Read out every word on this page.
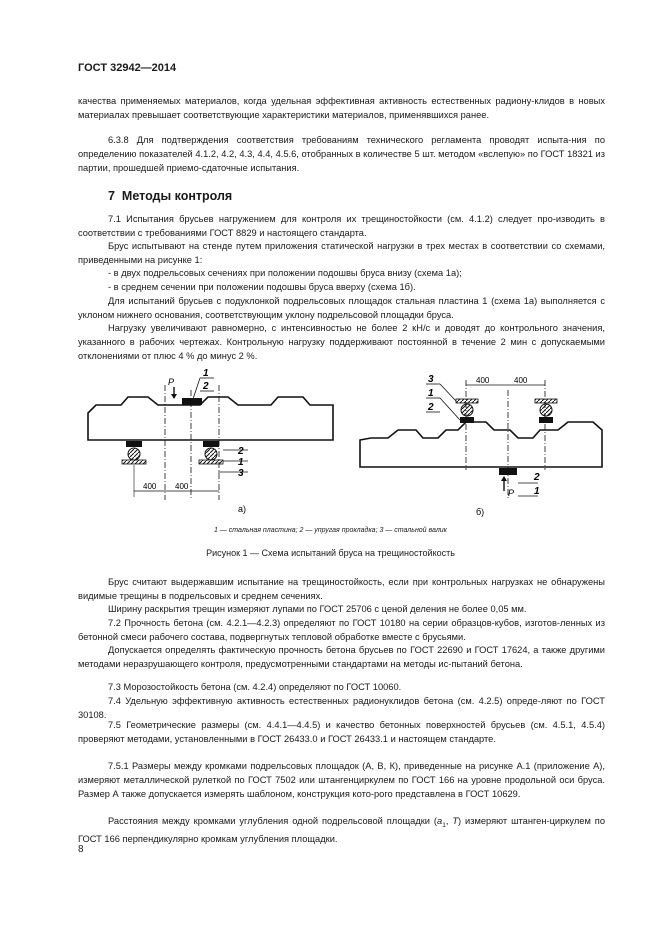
ГОСТ 32942—2014

качества применяемых материалов, когда удельная эффективная активность естественных радиону-клидов в новых материалах превышает соответствующие характеристики материалов, применявшихся ранее.

6.3.8 Для подтверждения соответствия требованиям технического регламента проводят испыта-ния по определению показателей 4.1.2, 4.2, 4.3, 4.4, 4.5.6, отобранных в количестве 5 шт. методом «вслепую» по ГОСТ 18321 из партии, прошедшей приемо-сдаточные испытания.

7 Методы контроля

7.1 Испытания брусьев нагружением для контроля их трещиностойкости (см. 4.1.2) следует про-изводить в соответствии с требованиями ГОСТ 8829 и настоящего стандарта.

Брус испытывают на стенде путем приложения статической нагрузки в трех местах в соответствии со схемами, приведенными на рисунке 1:

- в двух подрельсовых сечениях при положении подошвы бруса внизу (схема 1а);

- в среднем сечении при положении подошвы бруса вверху (схема 1б).

Для испытаний брусьев с подуклонкой подрельсовых площадок стальная пластина 1 (схема 1а) выполняется с уклоном нижнего основания, соответствующим уклону подрельсовой площадки бруса.

Нагрузку увеличивают равномерно, с интенсивностью не более 2 кН/с и доводят до контрольного значения, указанного в рабочих чертежах. Контрольную нагрузку поддерживают постоянной в течение 2 мин с допускаемыми отклонениями от плюс 4 % до минус 2 %.

P
1
2
2
1
3
400 400
а)
P
3
1
2
400	400
2
1
б)
1 — стальная пластина; 2 — упругая прокладка; 3 — стальной валик
Рисунок 1 — Схема испытаний бруса на трещиностойкость

Брус считают выдержавшим испытание на трещиностойкость, если при контрольных нагрузках не обнаружены видимые трещины в подрельсовых и среднем сечениях.

Ширину раскрытия трещин измеряют лупами по ГОСТ 25706 с ценой деления не более 0,05 мм.

7.2 Прочность бетона (см. 4.2.1—4.2.3) определяют по ГОСТ 10180 на серии образцов-кубов, изготов-ленных из бетонной смеси рабочего состава, подвергнутых тепловой обработке вместе с брусьями.

Допускается определять фактическую прочность бетона брусьев по ГОСТ 22690 и ГОСТ 17624, а также другими методами неразрушающего контроля, предусмотренными стандартами на методы ис-пытаний бетона.

7.3 Морозостойкость бетона (см. 4.2.4) определяют по ГОСТ 10060.

7.4 Удельную эффективную активность естественных радионуклидов бетона (см. 4.2.5) опреде-ляют по ГОСТ 30108.

7.5 Геометрические размеры (см. 4.4.1—4.4.5) и качество бетонных поверхностей брусьев (см. 4.5.1, 4.5.4) проверяют методами, установленными в ГОСТ 26433.0 и ГОСТ 26433.1 и настоящем стандарте.

7.5.1 Размеры между кромками подрельсовых площадок (А, В, К), приведенные на рисунке А.1 (приложение А), измеряют металлической рулеткой по ГОСТ 7502 или штангенциркулем по ГОСТ 166 на уровне продольной оси бруса. Размер А также допускается измерять шаблоном, конструкция кото-рого представлена в ГОСТ 10629.

Расстояния между кромками углубления одной подрельсовой площадки ($a_1$, T) измеряют штанген-циркулем по ГОСТ 166 перпендикулярно кромкам углубления площадки.

8
